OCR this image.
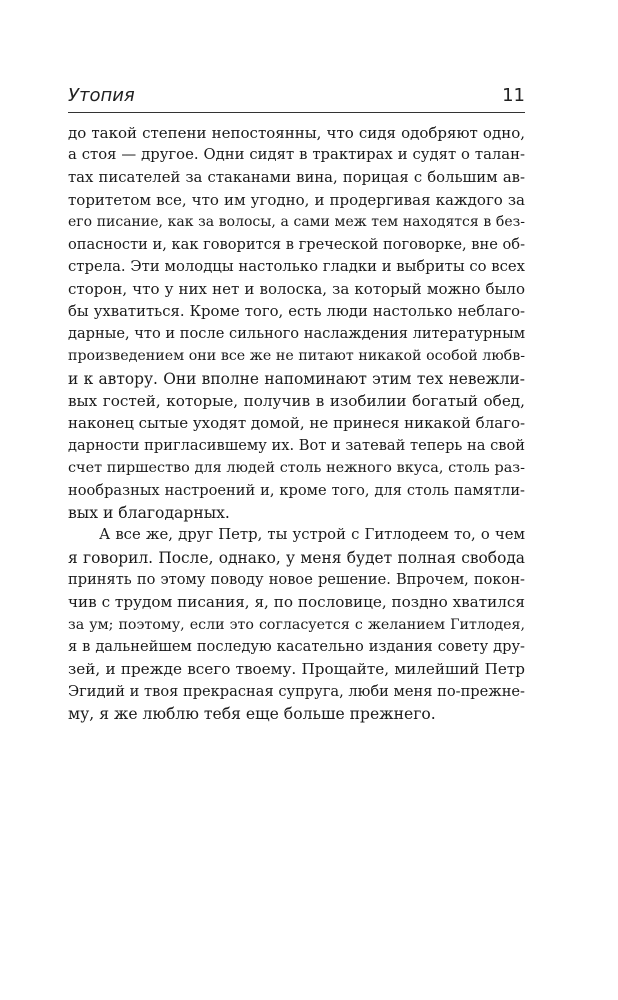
Утопия	11
до такой степени непостоянны, что сидя одобряют одно,
а стоя — другое. Одни сидят в трактирах и судят о талан-
тах писателей за стаканами вина, порицая с большим ав-
торитетом все, что им угодно, и продергивая каждого за
его писание, как за волосы, а сами меж тем находятся в без-
опасности и, как говорится в греческой поговорке, вне об-
стрела. Эти молодцы настолько гладки и выбриты со всех
сторон, что у них нет и волоска, за который можно было
бы ухватиться. Кроме того, есть люди настолько неблаго-
дарные, что и после сильного наслаждения литературным
произведением они все же не питают никакой особой любв-
и к автору. Они вполне напоминают этим тех невежли-
вых гостей, которые, получив в изобилии богатый обед,
наконец сытые уходят домой, не принеся никакой благо-
дарности пригласившему их. Вот и затевай теперь на свой
счет пиршество для людей столь нежного вкуса, столь раз-
нообразных настроений и, кроме того, для столь памятли-
вых и благодарных.
А все же, друг Петр, ты устрой с Гитлодеем то, о чем
я говорил. После, однако, у меня будет полная свобода
принять по этому поводу новое решение. Впрочем, покон-
чив с трудом писания, я, по пословице, поздно хватился
за ум; поэтому, если это согласуется с желанием Гитлодея,
я в дальнейшем последую касательно издания совету дру-
зей, и прежде всего твоему. Прощайте, милейший Петр
Эгидий и твоя прекрасная супруга, люби меня по-прежне-
му, я же люблю тебя еще больше прежнего.
